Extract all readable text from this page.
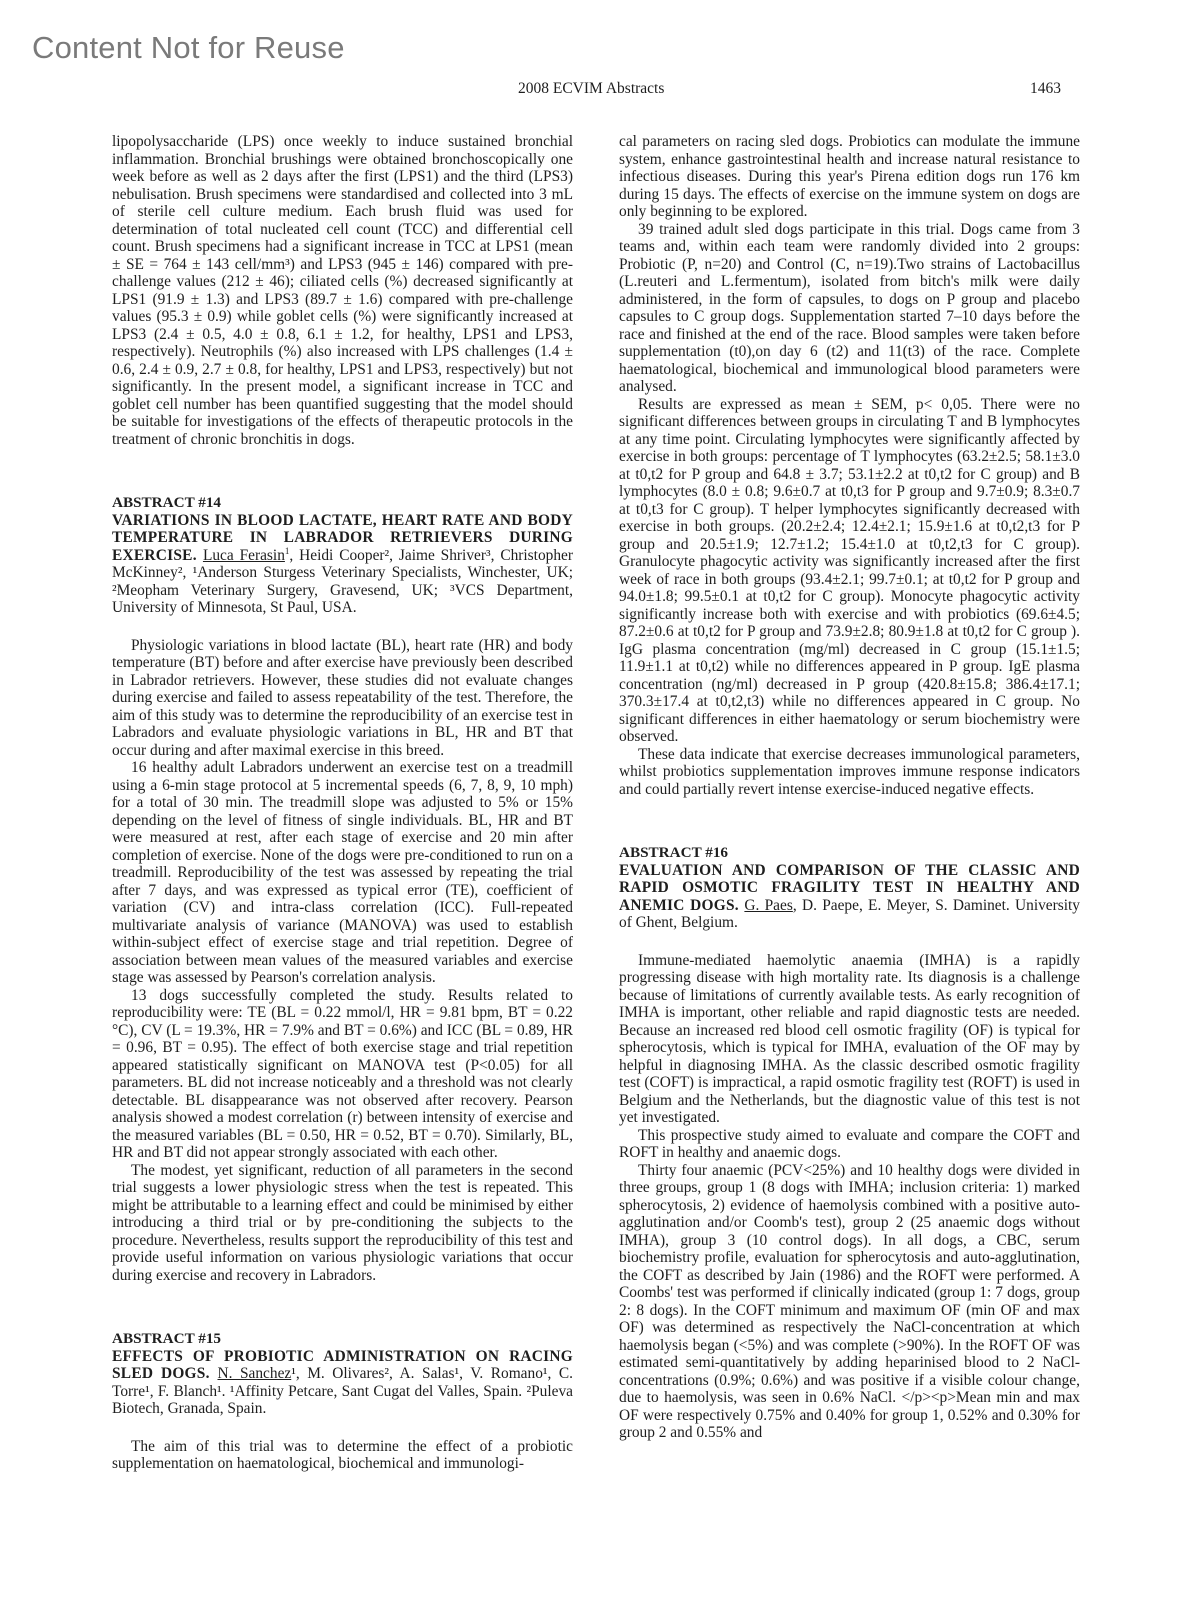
Content Not for Reuse
2008 ECVIM Abstracts	1463

lipopolysaccharide (LPS) once weekly to induce sustained bronchial inflammation. Bronchial brushings were obtained bronchoscopically one week before as well as 2 days after the first (LPS1) and the third (LPS3) nebulisation. Brush specimens were standardised and collected into 3 mL of sterile cell culture medium. Each brush fluid was used for determination of total nucleated cell count (TCC) and differential cell count. Brush specimens had a significant increase in TCC at LPS1 (mean ± SE = 764 ± 143 cell/mm³) and LPS3 (945 ± 146) compared with pre-challenge values (212 ± 46); ciliated cells (%) decreased significantly at LPS1 (91.9 ± 1.3) and LPS3 (89.7 ± 1.6) compared with pre-challenge values (95.3 ± 0.9) while goblet cells (%) were significantly increased at LPS3 (2.4 ± 0.5, 4.0 ± 0.8, 6.1 ± 1.2, for healthy, LPS1 and LPS3, respectively). Neutrophils (%) also increased with LPS challenges (1.4 ± 0.6, 2.4 ± 0.9, 2.7 ± 0.8, for healthy, LPS1 and LPS3, respectively) but not significantly. In the present model, a significant increase in TCC and goblet cell number has been quantified suggesting that the model should be suitable for investigations of the effects of therapeutic protocols in the treatment of chronic bronchitis in dogs.

ABSTRACT #14
VARIATIONS IN BLOOD LACTATE, HEART RATE AND BODY TEMPERATURE IN LABRADOR RETRIEVERS DURING EXERCISE. Luca Ferasin$^1$, Heidi Cooper², Jaime Shriver³, Christopher McKinney², ¹Anderson Sturgess Veterinary Specialists, Winchester, UK; ²Meopham Veterinary Surgery, Gravesend, UK; ³VCS Department, University of Minnesota, St Paul, USA.

Physiologic variations in blood lactate (BL), heart rate (HR) and body temperature (BT) before and after exercise have previously been described in Labrador retrievers. However, these studies did not evaluate changes during exercise and failed to assess repeatability of the test. Therefore, the aim of this study was to determine the reproducibility of an exercise test in Labradors and evaluate physiologic variations in BL, HR and BT that occur during and after maximal exercise in this breed.

16 healthy adult Labradors underwent an exercise test on a treadmill using a 6-min stage protocol at 5 incremental speeds (6, 7, 8, 9, 10 mph) for a total of 30 min. The treadmill slope was adjusted to 5% or 15% depending on the level of fitness of single individuals. BL, HR and BT were measured at rest, after each stage of exercise and 20 min after completion of exercise. None of the dogs were pre-conditioned to run on a treadmill. Reproducibility of the test was assessed by repeating the trial after 7 days, and was expressed as typical error (TE), coefficient of variation (CV) and intra-class correlation (ICC). Full-repeated multivariate analysis of variance (MANOVA) was used to establish within-subject effect of exercise stage and trial repetition. Degree of association between mean values of the measured variables and exercise stage was assessed by Pearson's correlation analysis.

13 dogs successfully completed the study. Results related to reproducibility were: TE (BL = 0.22 mmol/l, HR = 9.81 bpm, BT = 0.22 °C), CV (L = 19.3%, HR = 7.9% and BT = 0.6%) and ICC (BL = 0.89, HR = 0.96, BT = 0.95). The effect of both exercise stage and trial repetition appeared statistically significant on MANOVA test (P<0.05) for all parameters. BL did not increase noticeably and a threshold was not clearly detectable. BL disappearance was not observed after recovery. Pearson analysis showed a modest correlation (r) between intensity of exercise and the measured variables (BL = 0.50, HR = 0.52, BT = 0.70). Similarly, BL, HR and BT did not appear strongly associated with each other.

The modest, yet significant, reduction of all parameters in the second trial suggests a lower physiologic stress when the test is repeated. This might be attributable to a learning effect and could be minimised by either introducing a third trial or by pre-conditioning the subjects to the procedure. Nevertheless, results support the reproducibility of this test and provide useful information on various physiologic variations that occur during exercise and recovery in Labradors.

ABSTRACT #15
EFFECTS OF PROBIOTIC ADMINISTRATION ON RACING SLED DOGS. N. Sanchez¹, M. Olivares², A. Salas¹, V. Romano¹, C. Torre¹, F. Blanch¹. ¹Affinity Petcare, Sant Cugat del Valles, Spain. ²Puleva Biotech, Granada, Spain.

The aim of this trial was to determine the effect of a probiotic supplementation on haematological, biochemical and immunologi-

cal parameters on racing sled dogs. Probiotics can modulate the immune system, enhance gastrointestinal health and increase natural resistance to infectious diseases. During this year's Pirena edition dogs run 176 km during 15 days. The effects of exercise on the immune system on dogs are only beginning to be explored.

39 trained adult sled dogs participate in this trial. Dogs came from 3 teams and, within each team were randomly divided into 2 groups: Probiotic (P, n=20) and Control (C, n=19).Two strains of Lactobacillus (L.reuteri and L.fermentum), isolated from bitch's milk were daily administered, in the form of capsules, to dogs on P group and placebo capsules to C group dogs. Supplementation started 7–10 days before the race and finished at the end of the race. Blood samples were taken before supplementation (t0),on day 6 (t2) and 11(t3) of the race. Complete haematological, biochemical and immunological blood parameters were analysed.

Results are expressed as mean ± SEM, p< 0,05. There were no significant differences between groups in circulating T and B lymphocytes at any time point. Circulating lymphocytes were significantly affected by exercise in both groups: percentage of T lymphocytes (63.2±2.5; 58.1±3.0 at t0,t2 for P group and 64.8 ± 3.7; 53.1±2.2 at t0,t2 for C group) and B lymphocytes (8.0 ± 0.8; 9.6±0.7 at t0,t3 for P group and 9.7±0.9; 8.3±0.7 at t0,t3 for C group). T helper lymphocytes significantly decreased with exercise in both groups. (20.2±2.4; 12.4±2.1; 15.9±1.6 at t0,t2,t3 for P group and 20.5±1.9; 12.7±1.2; 15.4±1.0 at t0,t2,t3 for C group). Granulocyte phagocytic activity was significantly increased after the first week of race in both groups (93.4±2.1; 99.7±0.1; at t0,t2 for P group and 94.0±1.8; 99.5±0.1 at t0,t2 for C group). Monocyte phagocytic activity significantly increase both with exercise and with probiotics (69.6±4.5; 87.2±0.6 at t0,t2 for P group and 73.9±2.8; 80.9±1.8 at t0,t2 for C group ). IgG plasma concentration (mg/ml) decreased in C group (15.1±1.5; 11.9±1.1 at t0,t2) while no differences appeared in P group. IgE plasma concentration (ng/ml) decreased in P group (420.8±15.8; 386.4±17.1; 370.3±17.4 at t0,t2,t3) while no differences appeared in C group. No significant differences in either haematology or serum biochemistry were observed.

These data indicate that exercise decreases immunological parameters, whilst probiotics supplementation improves immune response indicators and could partially revert intense exercise-induced negative effects.

ABSTRACT #16
EVALUATION AND COMPARISON OF THE CLASSIC AND RAPID OSMOTIC FRAGILITY TEST IN HEALTHY AND ANEMIC DOGS. G. Paes, D. Paepe, E. Meyer, S. Daminet. University of Ghent, Belgium.

Immune-mediated haemolytic anaemia (IMHA) is a rapidly progressing disease with high mortality rate. Its diagnosis is a challenge because of limitations of currently available tests. As early recognition of IMHA is important, other reliable and rapid diagnostic tests are needed. Because an increased red blood cell osmotic fragility (OF) is typical for spherocytosis, which is typical for IMHA, evaluation of the OF may by helpful in diagnosing IMHA. As the classic described osmotic fragility test (COFT) is impractical, a rapid osmotic fragility test (ROFT) is used in Belgium and the Netherlands, but the diagnostic value of this test is not yet investigated.

This prospective study aimed to evaluate and compare the COFT and ROFT in healthy and anaemic dogs.

Thirty four anaemic (PCV<25%) and 10 healthy dogs were divided in three groups, group 1 (8 dogs with IMHA; inclusion criteria: 1) marked spherocytosis, 2) evidence of haemolysis combined with a positive auto-agglutination and/or Coomb's test), group 2 (25 anaemic dogs without IMHA), group 3 (10 control dogs). In all dogs, a CBC, serum biochemistry profile, evaluation for spherocytosis and auto-agglutination, the COFT as described by Jain (1986) and the ROFT were performed. A Coombs' test was performed if clinically indicated (group 1: 7 dogs, group 2: 8 dogs). In the COFT minimum and maximum OF (min OF and max OF) was determined as respectively the NaCl-concentration at which haemolysis began (<5%) and was complete (>90%). In the ROFT OF was estimated semi-quantitatively by adding heparinised blood to 2 NaCl-concentrations (0.9%; 0.6%) and was positive if a visible colour change, due to haemolysis, was seen in 0.6% NaCl. </p><p>Mean min and max OF were respectively 0.75% and 0.40% for group 1, 0.52% and 0.30% for group 2 and 0.55% and
